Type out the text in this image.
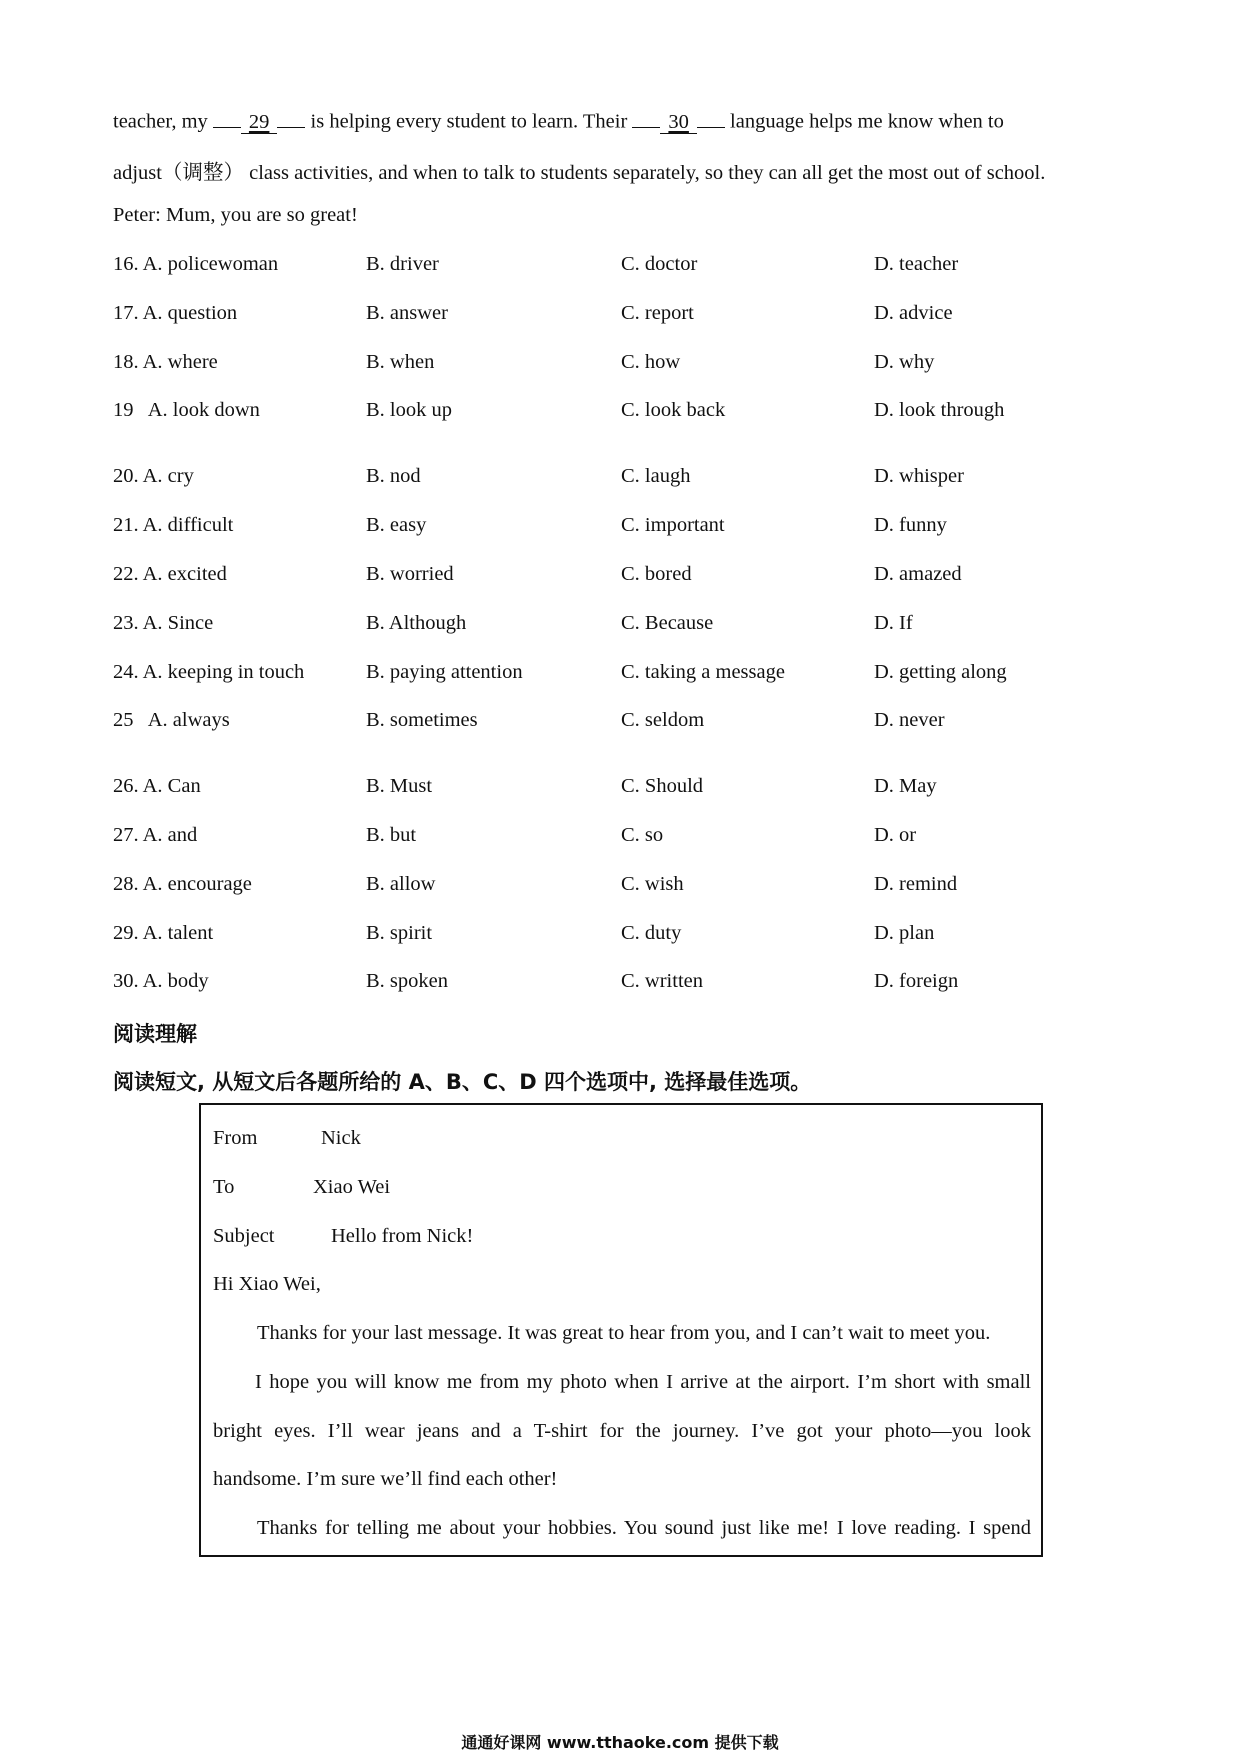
teacher, my 29 is helping every student to learn. Their 30 language helps me know when to
adjust（调整） class activities, and when to talk to students separately, so they can all get the most out of school.
Peter: Mum, you are so great!
16. A. policewoman	B. driver	C. doctor	D. teacher
17. A. question	B. answer	C. report	D. advice
18. A. where	B. when	C. how	D. why
19   A. look down	B. look up	C. look back	D. look through
20. A. cry	B. nod	C. laugh	D. whisper
21. A. difficult	B. easy	C. important	D. funny
22. A. excited	B. worried	C. bored	D. amazed
23. A. Since	B. Although	C. Because	D. If
24. A. keeping in touch	B. paying attention	C. taking a message	D. getting along
25   A. always	B. sometimes	C. seldom	D. never
26. A. Can	B. Must	C. Should	D. May
27. A. and	B. but	C. so	D. or
28. A. encourage	B. allow	C. wish	D. remind
29. A. talent	B. spirit	C. duty	D. plan
30. A. body	B. spoken	C. written	D. foreign
阅读理解
阅读短文, 从短文后各题所给的 A、B、C、D 四个选项中, 选择最佳选项。
From	Nick
To	Xiao Wei
Subject	Hello from Nick!
Hi Xiao Wei,
Thanks for your last message. It was great to hear from you, and I can’t wait to meet you.
I hope you will know me from my photo when I arrive at the airport. I’m short with small
bright eyes. I’ll wear jeans and a T-shirt for the journey. I’ve got your photo—you look
handsome. I’m sure we’ll find each other!
Thanks for telling me about your hobbies. You sound just like me! I love reading. I spend
通通好课网 www.tthaoke.com 提供下载
